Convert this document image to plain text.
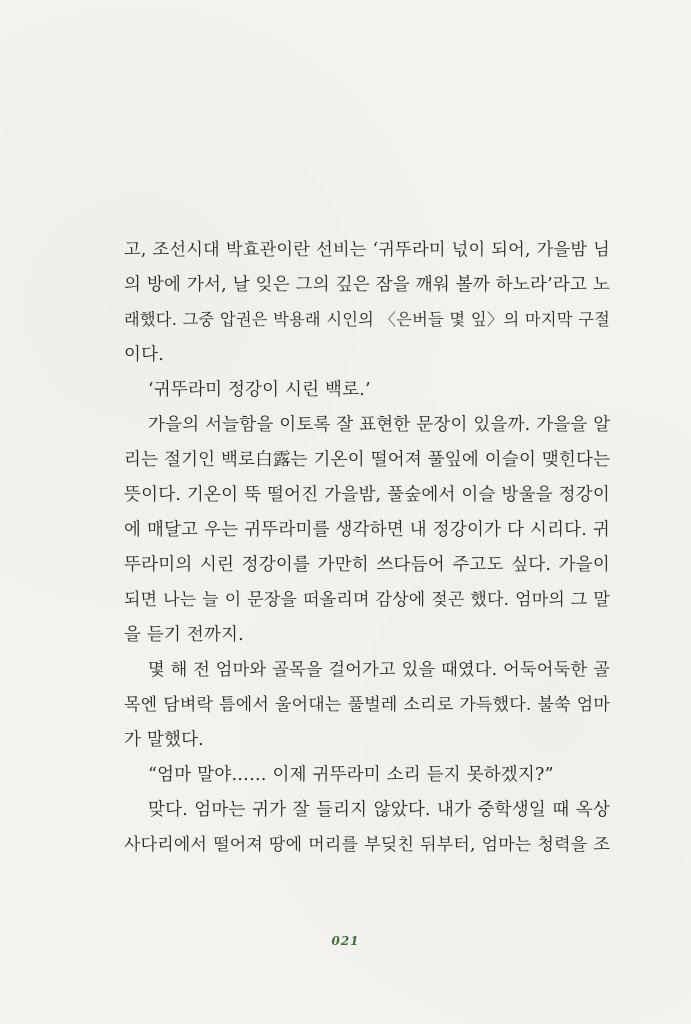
고, 조선시대 박효관이란 선비는 ‘귀뚜라미 넋이 되어, 가을밤 님
의 방에 가서, 날 잊은 그의 깊은 잠을 깨워 볼까 하노라’라고 노
래했다. 그중 압권은 박용래 시인의 〈은버들 몇 잎〉의 마지막 구절
이다.
‘귀뚜라미 정강이 시린 백로.’
가을의 서늘함을 이토록 잘 표현한 문장이 있을까. 가을을 알
리는 절기인 백로白露는 기온이 떨어져 풀잎에 이슬이 맺힌다는
뜻이다. 기온이 뚝 떨어진 가을밤, 풀숲에서 이슬 방울을 정강이
에 매달고 우는 귀뚜라미를 생각하면 내 정강이가 다 시리다. 귀
뚜라미의 시린 정강이를 가만히 쓰다듬어 주고도 싶다. 가을이
되면 나는 늘 이 문장을 떠올리며 감상에 젖곤 했다. 엄마의 그 말
을 듣기 전까지.
몇 해 전 엄마와 골목을 걸어가고 있을 때였다. 어둑어둑한 골
목엔 담벼락 틈에서 울어대는 풀벌레 소리로 가득했다. 불쑥 엄마
가 말했다.
“엄마 말야…… 이제 귀뚜라미 소리 듣지 못하겠지?”
맞다. 엄마는 귀가 잘 들리지 않았다. 내가 중학생일 때 옥상
사다리에서 떨어져 땅에 머리를 부딪친 뒤부터, 엄마는 청력을 조
021
